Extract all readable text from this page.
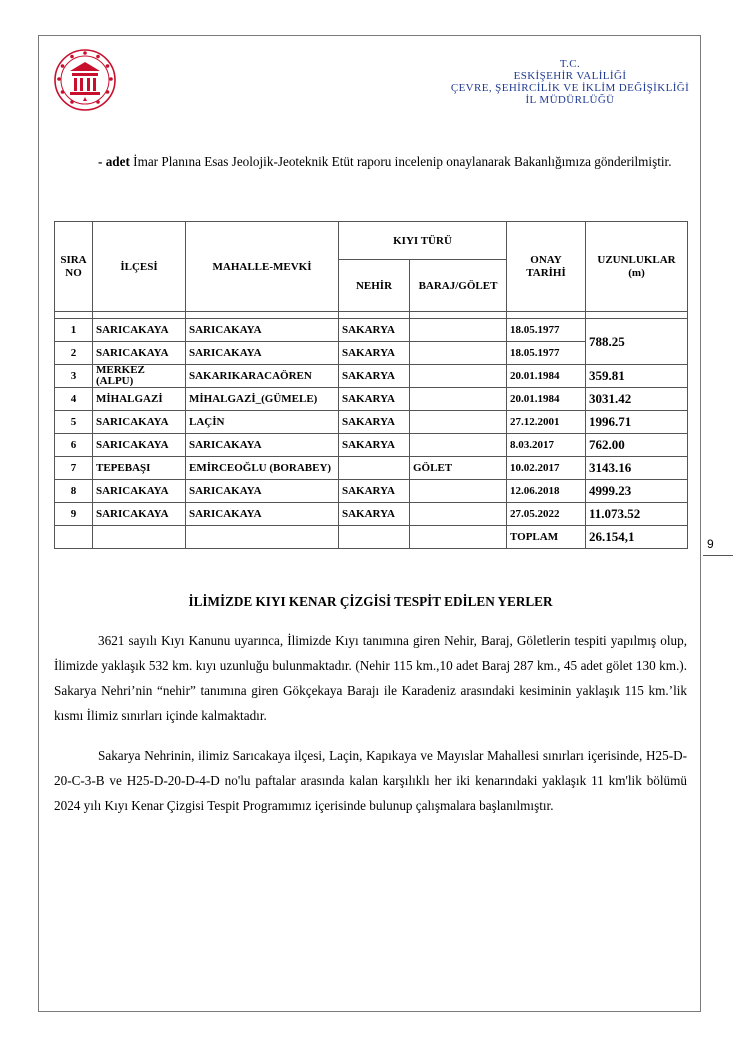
T.C.
ESKİŞEHİR VALİLİĞİ
ÇEVRE, ŞEHİRCİLİK VE İKLİM DEĞİŞİKLİĞİ
İL MÜDÜRLÜĞÜ
- adet İmar Planına Esas Jeolojik-Jeoteknik Etüt raporu incelenip onaylanarak Bakanlığımıza gönderilmiştir.
SIRA NO	İLÇESİ	MAHALLE-MEVKİ	KIYI TÜRÜ		ONAY TARİHİ	UZUNLUKLAR (m)
			NEHİR	BARAJ/GÖLET		

1	SARICAKAYA	SARICAKAYA	SAKARYA		18.05.1977	788.25
2	SARICAKAYA	SARICAKAYA	SAKARYA		18.05.1977	
3	MERKEZ (ALPU)	SAKARIKARACAÖREN	SAKARYA		20.01.1984	359.81
4	MİHALGAZİ	MİHALGAZİ_(GÜMELE)	SAKARYA		20.01.1984	3031.42
5	SARICAKAYA	LAÇİN	SAKARYA		27.12.2001	1996.71
6	SARICAKAYA	SARICAKAYA	SAKARYA		8.03.2017	762.00
7	TEPEBAŞI	EMİRCEOĞLU (BORABEY)		GÖLET	10.02.2017	3143.16
8	SARICAKAYA	SARICAKAYA	SAKARYA		12.06.2018	4999.23
9	SARICAKAYA	SARICAKAYA	SAKARYA		27.05.2022	11.073.52
					TOPLAM	26.154,1	9
İLİMİZDE KIYI KENAR ÇİZGİSİ TESPİT EDİLEN YERLER
3621 sayılı Kıyı Kanunu uyarınca, İlimizde Kıyı tanımına giren Nehir, Baraj, Göletlerin tespiti yapılmış olup, İlimizde yaklaşık 532 km. kıyı uzunluğu bulunmaktadır. (Nehir 115 km.,10 adet Baraj 287 km., 45 adet gölet 130 km.). Sakarya Nehri’nin “nehir” tanımına giren Gökçekaya Barajı ile Karadeniz arasındaki kesiminin yaklaşık 115 km.’lik kısmı İlimiz sınırları içinde kalmaktadır.
Sakarya Nehrinin, ilimiz Sarıcakaya ilçesi, Laçin, Kapıkaya ve Mayıslar Mahallesi sınırları içerisinde, H25-D-20-C-3-B ve H25-D-20-D-4-D no'lu paftalar arasında kalan karşılıklı her iki kenarındaki yaklaşık 11 km'lik bölümü 2024 yılı Kıyı Kenar Çizgisi Tespit Programımız içerisinde bulunup çalışmalara başlanılmıştır.
